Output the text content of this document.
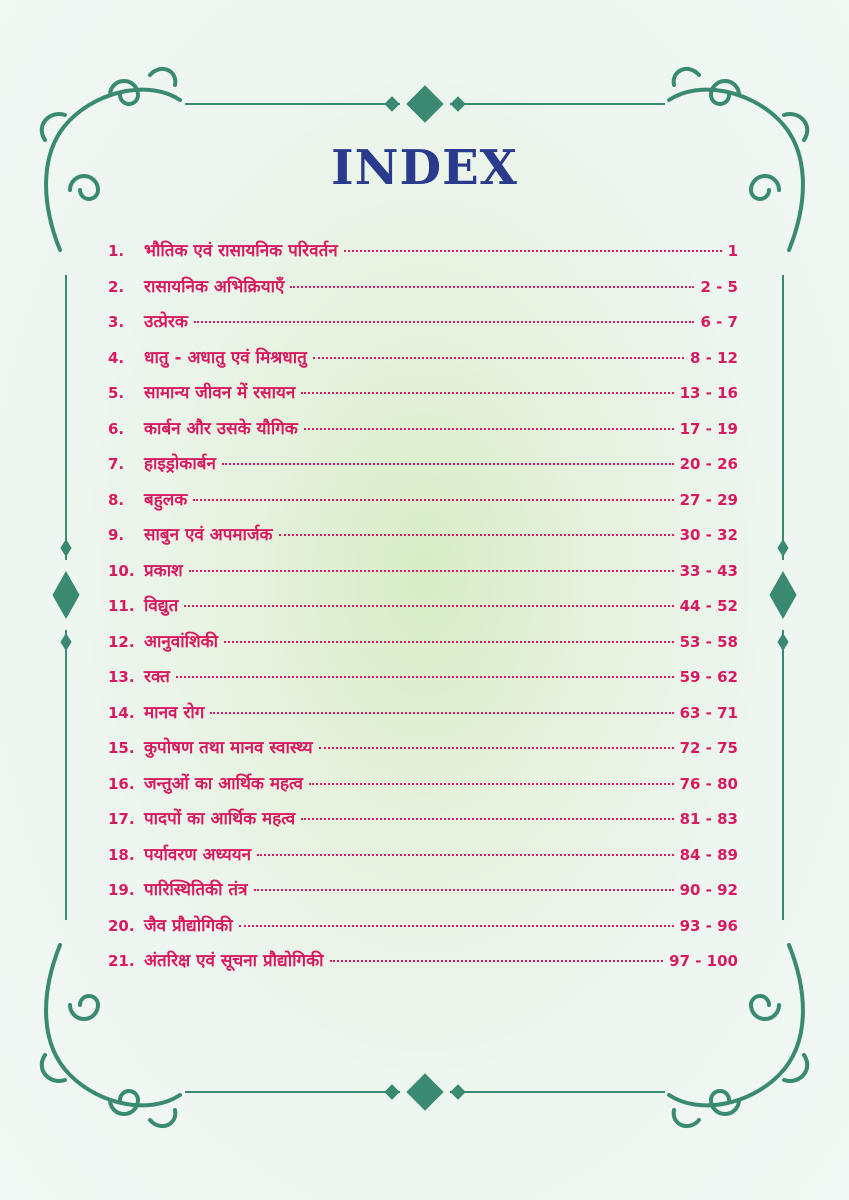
INDEX
1.	भौतिक एवं रासायनिक परिवर्तन	1
2.	रासायनिक अभिक्रियाएँ	2 - 5
3.	उत्प्रेरक	6 - 7
4.	धातु - अधातु एवं मिश्रधातु	8 - 12
5.	सामान्य जीवन में रसायन	13 - 16
6.	कार्बन और उसके यौगिक	17 - 19
7.	हाइड्रोकार्बन	20 - 26
8.	बहुलक	27 - 29
9.	साबुन एवं अपमार्जक	30 - 32
10. प्रकाश	33 - 43
11. विद्युत	44 - 52
12. आनुवांशिकी	53 - 58
13. रक्त	59 - 62
14. मानव रोग	63 - 71
15. कुपोषण तथा मानव स्वास्थ्य	72 - 75
16. जन्तुओं का आर्थिक महत्व	76 - 80
17. पादपों का आर्थिक महत्व	81 - 83
18. पर्यावरण अध्ययन	84 - 89
19. पारिस्थितिकी तंत्र	90 - 92
20. जैव प्रौद्योगिकी	93 - 96
21. अंतरिक्ष एवं सूचना प्रौद्योगिकी	97 - 100
